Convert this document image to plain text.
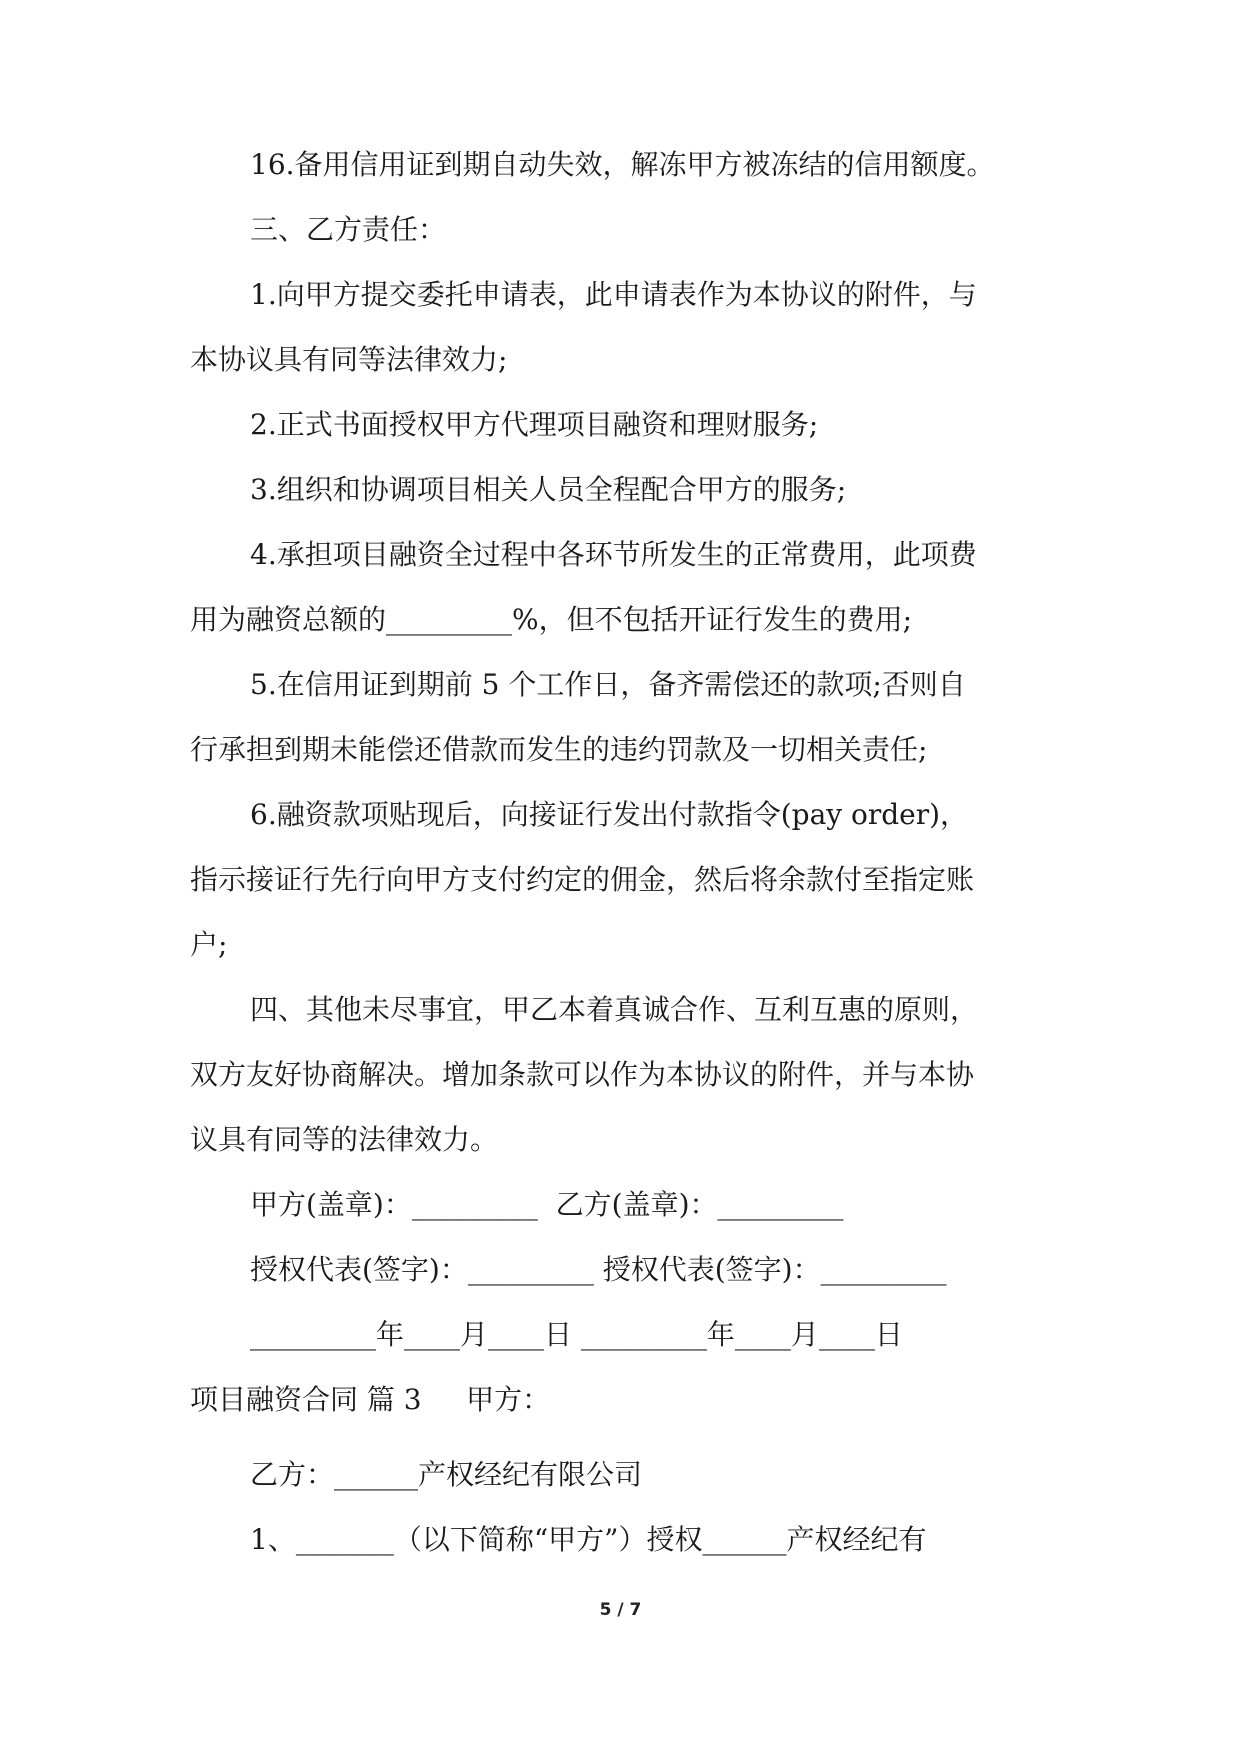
16.备用信用证到期自动失效，解冻甲方被冻结的信用额度。
三、乙方责任：
1.向甲方提交委托申请表，此申请表作为本协议的附件，与
本协议具有同等法律效力;
2.正式书面授权甲方代理项目融资和理财服务;
3.组织和协调项目相关人员全程配合甲方的服务;
4.承担项目融资全过程中各环节所发生的正常费用，此项费
用为融资总额的_________%，但不包括开证行发生的费用;
5.在信用证到期前 5 个工作日，备齐需偿还的款项;否则自
行承担到期未能偿还借款而发生的违约罚款及一切相关责任;
6.融资款项贴现后，向接证行发出付款指令(pay order)，
指示接证行先行向甲方支付约定的佣金，然后将余款付至指定账
户;
四、其他未尽事宜，甲乙本着真诚合作、互利互惠的原则，
双方友好协商解决。增加条款可以作为本协议的附件，并与本协
议具有同等的法律效力。
甲方(盖章)：_________  乙方(盖章)：_________
授权代表(签字)：_________ 授权代表(签字)：_________
_________年____月____日 _________年____月____日
项目融资合同 篇 3     甲方：
乙方：______产权经纪有限公司
1、_______（以下简称“甲方”）授权______产权经纪有
5 / 7
